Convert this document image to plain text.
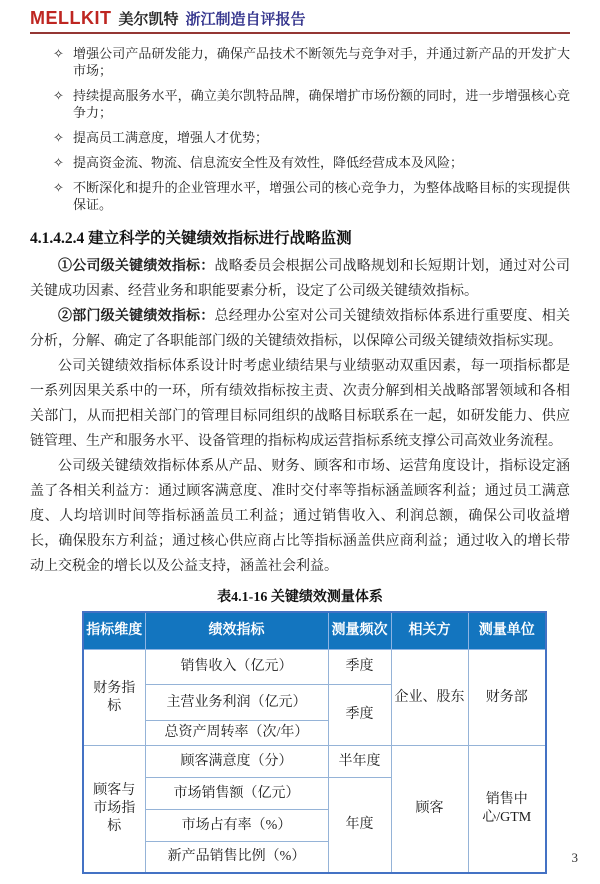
MELLKIT 美尔凯特 浙江制造自评报告
✧ 增强公司产品研发能力，确保产品技术不断领先与竞争对手，并通过新产品的开发扩大市场；
✧ 持续提高服务水平，确立美尔凯特品牌，确保增扩市场份额的同时，进一步增强核心竞争力；
✧ 提高员工满意度，增强人才优势；
✧ 提高资金流、物流、信息流安全性及有效性，降低经营成本及风险；
✧ 不断深化和提升的企业管理水平，增强公司的核心竞争力，为整体战略目标的实现提供保证。
4.1.4.2.4 建立科学的关键绩效指标进行战略监测

①公司级关键绩效指标：战略委员会根据公司战略规划和长短期计划，通过对公司关键成功因素、经营业务和职能要素分析，设定了公司级关键绩效指标。

②部门级关键绩效指标：总经理办公室对公司关键绩效指标体系进行重要度、相关分析，分解、确定了各职能部门级的关键绩效指标，以保障公司级关键绩效指标实现。

公司关键绩效指标体系设计时考虑业绩结果与业绩驱动双重因素，每一项指标都是一系列因果关系中的一环，所有绩效指标按主责、次责分解到相关战略部署领域和各相关部门，从而把相关部门的管理目标同组织的战略目标联系在一起，如研发能力、供应链管理、生产和服务水平、设备管理的指标构成运营指标系统支撑公司高效业务流程。

公司级关键绩效指标体系从产品、财务、顾客和市场、运营角度设计，指标设定涵盖了各相关利益方：通过顾客满意度、准时交付率等指标涵盖顾客利益；通过员工满意度、人均培训时间等指标涵盖员工利益；通过销售收入、利润总额，确保公司收益增长，确保股东方利益；通过核心供应商占比等指标涵盖供应商利益；通过收入的增长带动上交税金的增长以及公益支持，涵盖社会利益。

表4.1-16 关键绩效测量体系
指标维度	绩效指标	测量频次	相关方	测量单位
财务指标	销售收入（亿元）	季度	企业、股东	财务部
	主营业务利润（亿元）	季度		
	总资产周转率（次/年）			
顾客与市场指标	顾客满意度（分）	半年度	顾客	销售中心/GTM
	市场销售额（亿元）	年度		
	市场占有率（%）			
	新产品销售比例（%）				3
